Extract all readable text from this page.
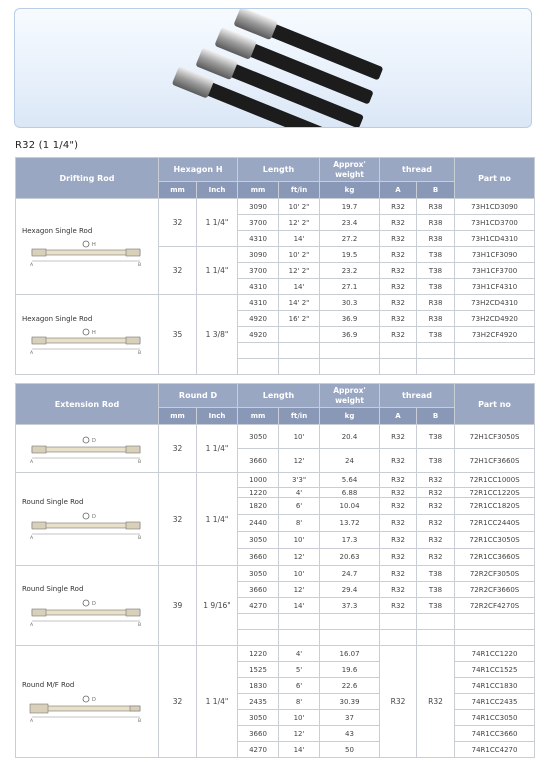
R32 (1 1/4")
Drifting Rod	Hexagon H		Length		Approx' weight	thread		Part no
	mm	Inch	mm	ft/in	kg	A	B	

Hexagon Single Rod
H
A B	32	1 1/4"	3090	10' 2"	19.7	R32	R38	73H1CD3090
			3700	12' 2"	23.4	R32	R38	73H1CD3700
			4310	14'	27.2	R32	R38	73H1CD4310
	32	1 1/4"	3090	10' 2"	19.5	R32	T38	73H1CF3090
			3700	12' 2"	23.2	R32	T38	73H1CF3700
			4310	14'	27.1	R32	T38	73H1CF4310

Hexagon Single Rod
H
A B	35	1 3/8"	4310	14' 2"	30.3	R32	R38	73H2CD4310
			4920	16' 2"	36.9	R32	R38	73H2CD4920
			4920		36.9	R32	T38	73H2CF4920

Extension Rod	Round D		Length		Approx' weight	thread		Part no
	mm	Inch	mm	ft/in	kg	A	B	

D
A B	32	1 1/4"	3050	10'	20.4	R32	T38	72H1CF3050S
			3660	12'	24	R32	T38	72H1CF3660S

Round Single Rod
D
A B	32	1 1/4"	1000	3'3"	5.64	R32	R32	72R1CC1000S
			1220	4'	6.88	R32	R32	72R1CC1220S
			1820	6'	10.04	R32	R32	72R1CC1820S
			2440	8'	13.72	R32	R32	72R1CC2440S
			3050	10'	17.3	R32	R32	72R1CC3050S
			3660	12'	20.63	R32	R32	72R1CC3660S

Round Single Rod
D
A B	39	1 9/16"	3050	10'	24.7	R32	T38	72R2CF3050S
			3660	12'	29.4	R32	T38	72R2CF3660S
			4270	14'	37.3	R32	T38	72R2CF4270S

Round M/F Rod
D
A B	32	1 1/4"	1220	4'	16.07	R32	R32	74R1CC1220
			1525	5'	19.6			74R1CC1525
			1830	6'	22.6			74R1CC1830
			2435	8'	30.39			74R1CC2435
			3050	10'	37			74R1CC3050
			3660	12'	43			74R1CC3660
			4270	14'	50			74R1CC4270
